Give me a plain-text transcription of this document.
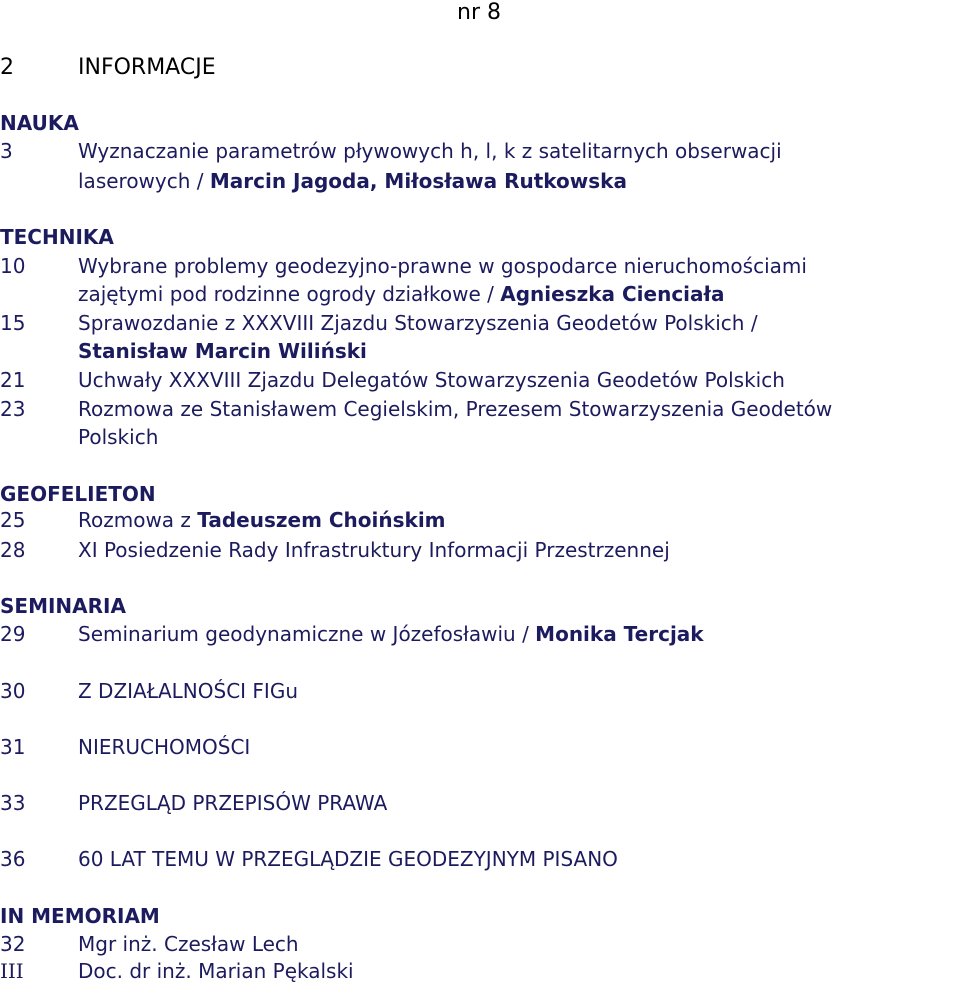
nr 8
2	INFORMACJE
NAUKA
3	Wyznaczanie parametrów pływowych h, l, k z satelitarnych obserwacji
laserowych / Marcin Jagoda, Miłosława Rutkowska
TECHNIKA
10	Wybrane problemy geodezyjno-prawne w gospodarce nieruchomościami
zajętymi pod rodzinne ogrody działkowe / Agnieszka Cienciała
15	Sprawozdanie z XXXVIII Zjazdu Stowarzyszenia Geodetów Polskich /
Stanisław Marcin Wiliński
21	Uchwały XXXVIII Zjazdu Delegatów Stowarzyszenia Geodetów Polskich
23	Rozmowa ze Stanisławem Cegielskim, Prezesem Stowarzyszenia Geodetów
Polskich
GEOFELIETON
25	Rozmowa z Tadeuszem Choińskim
28	XI Posiedzenie Rady Infrastruktury Informacji Przestrzennej
SEMINARIA
29	Seminarium geodynamiczne w Józefosławiu / Monika Tercjak
30	Z DZIAŁALNOŚCI FIGu
31	NIERUCHOMOŚCI
33	PRZEGLĄD PRZEPISÓW PRAWA
36	60 LAT TEMU W PRZEGLĄDZIE GEODEZYJNYM PISANO
IN MEMORIAM
32	Mgr inż. Czesław Lech
III	Doc. dr inż. Marian Pękalski
